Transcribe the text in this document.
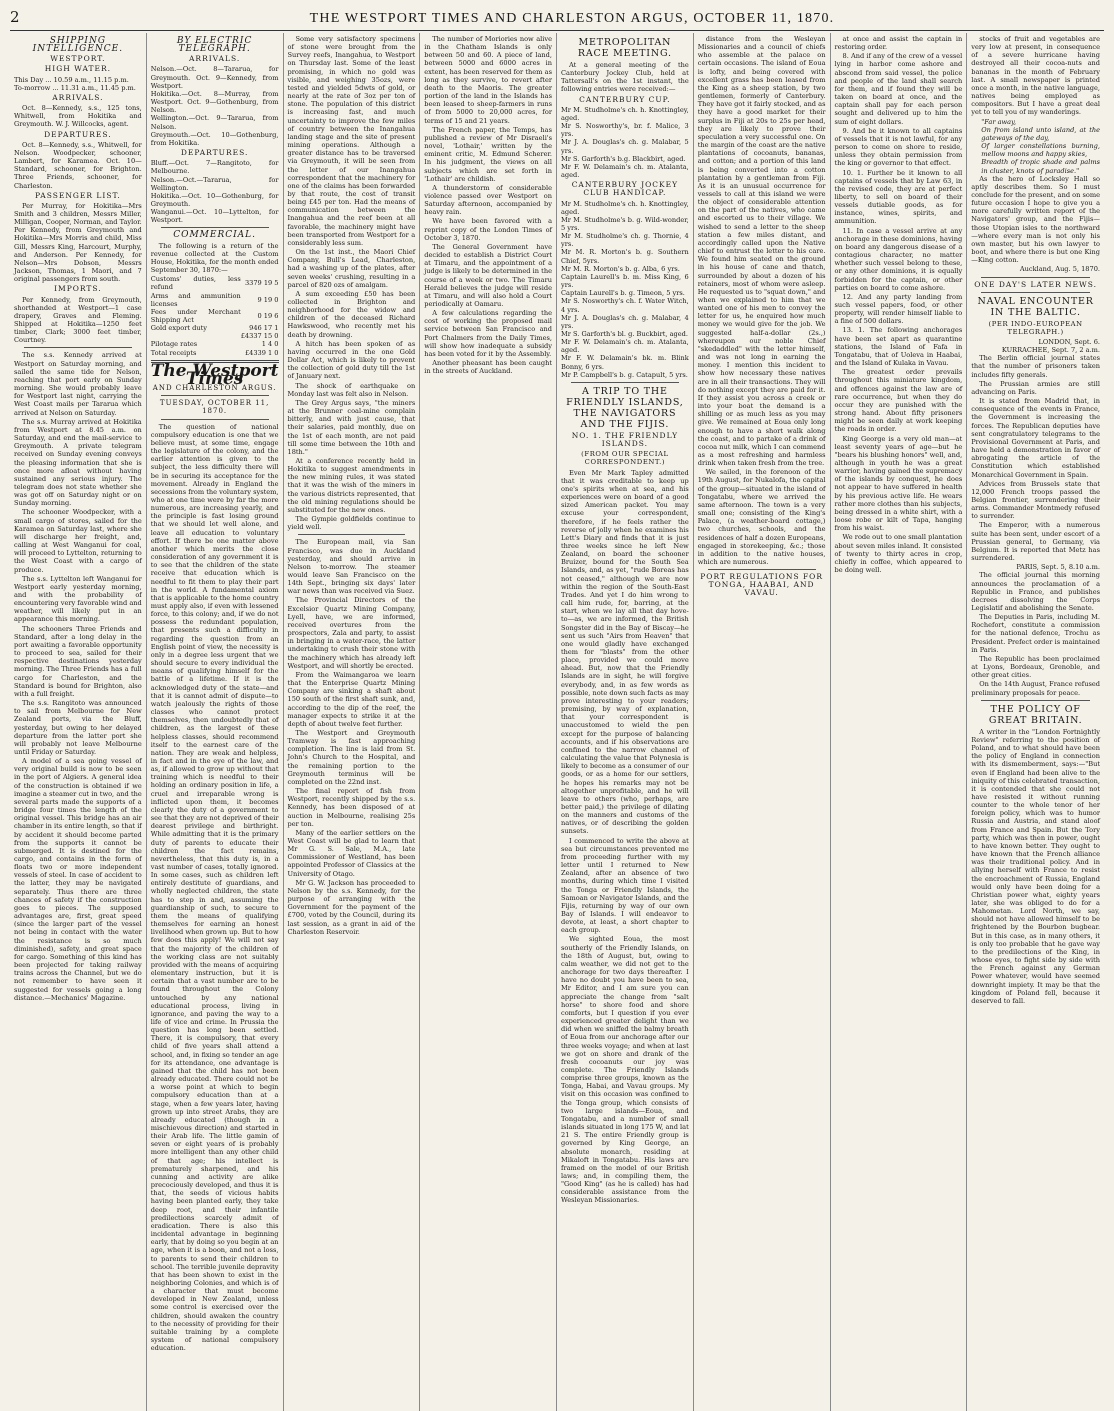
2	THE WESTPORT TIMES AND CHARLESTON ARGUS, OCTOBER 11, 1870.
SHIPPING INTELLIGENCE.
WESTPORT.
HIGH WATER.
This Day ... 10.59 a.m., 11.15 p.m.
To-morrow ... 11.31 a.m., 11.45 p.m.
ARRIVALS.

Oct. 8—Kennedy, s.s., 125 tons, Whitwell, from Hokitika and Greymouth. W. J. Willcocks, agent.

DEPARTURES.

Oct. 8—Kennedy, s.s., Whitwell, for Nelson. Woodpecker, schooner, Lambert, for Karamea. Oct. 10—Standard, schooner, for Brighton. Three Friends, schooner, for Charleston.

PASSENGER LIST.

Per Murray, for Hokitika—Mrs Smith and 3 children, Messrs Miller, Milligan, Cooper, Norman, and Taylor. Per Kennedy, from Greymouth and Hokitika—Mrs Morris and child, Miss Gill, Messrs King, Harcourt, Murphy, and Anderson. Per Kennedy, for Nelson—Mrs Dobson, Messrs Jackson, Thomas, 1 Maori, and 7 original passengers from south.

IMPORTS.

Per Kennedy, from Greymouth, shorthanded at Westport—1 case drapery, Graves and Fleming. Shipped at Hokitika—1250 feet timber, Clark; 3000 feet timber, Courtney.

The s.s. Kennedy arrived at Westport on Saturday morning, and sailed the same tide for Nelson, reaching that port early on Sunday morning. She would probably leave for Westport last night, carrying the West Coast mails per Tararua which arrived at Nelson on Saturday.

The s.s. Murray arrived at Hokitika from Westport at 8.45 a.m. on Saturday, and end the mail-service to Greymouth. A private telegram received on Sunday evening conveys the pleasing information that she is once more afloat without having sustained any serious injury. The telegram does not state whether she was got off on Saturday night or on Sunday morning.

The schooner Woodpecker, with a small cargo of stores, sailed for the Karamea on Saturday last, where she will discharge her freight, and, calling at West Wanganui for coal, will proceed to Lyttelton, returning to the West Coast with a cargo of produce.

The s.s. Lyttelton left Wanganui for Westport early yesterday morning, and with the probability of encountering very favorable wind and weather, will likely put in an appearance this morning.

The schooners Three Friends and Standard, after a long delay in the port awaiting a favorable opportunity to proceed to sea, sailed for their respective destinations yesterday morning. The Three Friends has a full cargo for Charleston, and the Standard is bound for Brighton, also with a full freight.

The s.s. Rangitoto was announced to sail from Melbourne for New Zealand ports, via the Bluff, yesterday, but owing to her delayed departure from the latter port she will probably not leave Melbourne until Friday or Saturday.

A model of a sea going vessel of very original build is now to be seen in the port of Algiers. A general idea of the construction is obtained if we imagine a steamer cut in two, and the several parts made the supports of a bridge four times the length of the original vessel. This bridge has an air chamber in its entire length, so that if by accident it should become parted from the supports it cannot be submerged. It is destined for the cargo, and contains in the form of floats two or more independent vessels of steel. In case of accident to the latter, they may be navigated separately. Thus there are three chances of safety if the construction goes to pieces. The supposed advantages are, first, great speed (since the larger part of the vessel not being in contact with the water the resistance is so much diminished), safety, and great space for cargo. Something of this kind has been projected for taking railway trains across the Channel, but we do not remember to have seen it suggested for vessels going a long distance.—Mechanics' Magazine.

BY ELECTRIC TELEGRAPH.
ARRIVALS.
Nelson.—Oct. 8—Tararua, for Greymouth. Oct. 9—Kennedy, from Westport.
Hokitika.—Oct. 8—Murray, from Westport. Oct. 9—Gothenburg, from Nelson.
Wellington.—Oct. 9—Tararua, from Nelson.
Greymouth.—Oct. 10—Gothenburg, from Hokitika.
DEPARTURES.
Bluff.—Oct. 7—Rangitoto, for Melbourne.
Nelson.—Oct.—Tararua, for Wellington.
Hokitika.—Oct. 10—Gothenburg, for Greymouth.
Wanganui.—Oct. 10—Lyttelton, for Westport.
COMMERCIAL.

The following is a return of the revenue collected at the Custom House, Hokitika, for the month ended September 30, 1870:—

Customs' duties, less refund	3379 19 5
Arms and ammunition licenses	9 19 0
Fees under Merchant Shipping Act	0 19 6
Gold export duty	946 17 1
	£4337 15 0
Pilotage rates	1 4 0
Total receipts	£4339 1 0
The Westport Times
AND CHARLESTON ARGUS.
TUESDAY, OCTOBER 11, 1870.

The question of national compulsory education is one that we believe must, at some time, engage the legislature of the colony, and the earlier attention is given to the subject, the less difficulty there will be in securing its acceptance for the movement. Already in England the secessions from the voluntary system, who at one time were by far the more numerous, are increasing yearly, and the principle is fast losing ground that we should let well alone, and leave all education to voluntary effort. If there be one matter above another which merits the close consideration of any government it is to see that the children of the state receive that education which is needful to fit them to play their part in the world. A fundamental axiom that is applicable to the home country must apply also, if even with lessened force, to this colony; and, if we do not possess the redundant population, that presents such a difficulty in regarding the question from an English point of view, the necessity is only in a degree less urgent that we should secure to every individual the means of qualifying himself for the battle of a lifetime. If it is the acknowledged duty of the state—and that it is cannot admit of dispute—to watch jealously the rights of those classes who cannot protect themselves, then undoubtedly that of children, as the largest of these helpless classes, should recommend itself to the earnest care of the nation. They are weak and helpless, in fact and in the eye of the law, and as, if allowed to grow up without that training which is needful to their holding an ordinary position in life, a cruel and irreparable wrong is inflicted upon them, it becomes clearly the duty of a government to see that they are not deprived of their dearest privilege and birthright. While admitting that it is the primary duty of parents to educate their children the fact remains, nevertheless, that this duty is, in a vast number of cases, totally ignored. In some cases, such as children left entirely destitute of guardians, and wholly neglected children, the state has to step in and, assuming the guardianship of such, to secure to them the means of qualifying themselves for earning an honest livelihood when grown up. But to how few does this apply! We will not say that the majority of the children of the working class are not suitably provided with the means of acquiring elementary instruction, but it is certain that a vast number are to be found throughout the Colony untouched by any national educational process, living in ignorance, and paving the way to a life of vice and crime. In Prussia the question has long been settled. There, it is compulsory, that every child of five years shall attend a school, and, in fixing so tender an age for its attendance, one advantage is gained that the child has not been already educated. There could not be a worse point at which to begin compulsory education than at a stage, when a few years later, having grown up into street Arabs, they are already educated (though in a mischievous direction) and started in their Arab life. The little gamin of seven or eight years of is probably more intelligent than any other child of that age; his intellect is prematurely sharpened, and his cunning and activity are alike precociously developed, and thus it is that, the seeds of vicious habits having been planted early, they take deep root, and their infantile predilections scarcely admit of eradication. There is also this incidental advantage in beginning early, that by doing so you begin at an age, when it is a boon, and not a loss, to parents to send their children to school. The terrible juvenile depravity that has been shown to exist in the neighboring Colonies, and which is of a character that must become developed in New Zealand, unless some control is exercised over the children, should awaken the country to the necessity of providing for their suitable training by a complete system of national compulsory education.

Some very satisfactory specimens of stone were brought from the Survey reefs, Inangahua, to Westport on Thursday last. Some of the least promising, in which no gold was visible, and weighing 35ozs, were tested and yielded 5dwts of gold, or nearly at the rate of 3oz per ton of stone. The population of this district is increasing fast, and much uncertainty to improve the few miles of country between the Inangahua landing stage and the site of present mining operations. Although a greater distance has to be traversed via Greymouth, it will be seen from the letter of our Inangahua correspondent that the machinery for one of the claims has been forwarded by that route, the cost of transit being £45 per ton. Had the means of communication between the Inangahua and the reef been at all favorable, the machinery might have been transported from Westport for a considerably less sum.

On the 1st inst., the Maori Chief Company, Bull's Lead, Charleston, had a washing up of the plates, after seven weeks' crushing, resulting in a parcel of 820 ozs of amalgam.

A sum exceeding £50 has been collected in Brighton and neighborhood for the widow and children of the deceased Richard Hawkswood, who recently met his death by drowning.

A hitch has been spoken of as having occurred in the one Gold Dollar Act, which is likely to prevent the collection of gold duty till the 1st of January next.

The shock of earthquake on Monday last was felt also in Nelson.

The Grey Argus says, "the miners at the Brunner coal-mine complain bitterly, and with just cause, that their salaries, paid monthly, due on the 1st of each month, are not paid till some time between the 10th and 18th."

At a conference recently held in Hokitika to suggest amendments in the new mining rules, it was stated that it was the wish of the miners in the various districts represented, that the old mining regulations should be substituted for the new ones.

The Gympie goldfields continue to yield well.

The European mail, via San Francisco, was due in Auckland yesterday, and should arrive in Nelson to-morrow. The steamer would leave San Francisco on the 14th Sept., bringing six days' later war news than was received via Suez.

The Provincial Directors of the Excelsior Quartz Mining Company, Lyell, have, we are informed, received overtures from the prospectors, Zala and party, to assist in bringing in a water-race, the latter undertaking to crush their stone with the machinery which has already left Westport, and will shortly be erected.

From the Waimangaroa we learn that the Enterprise Quartz Mining Company are sinking a shaft about 150 south of the first shaft sunk, and, according to the dip of the reef, the manager expects to strike it at the depth of about twelve feet further.

The Westport and Greymouth Tramway is fast approaching completion. The line is laid from St. John's Church to the Hospital, and the remaining portion to the Greymouth terminus will be completed on the 22nd inst.

The final report of fish from Westport, recently shipped by the s.s. Kennedy, has been disposed of at auction in Melbourne, realising 25s per ton.

Many of the earlier settlers on the West Coast will be glad to learn that Mr G. S. Sale, M.A., late Commissioner of Westland, has been appointed Professor of Classics at the University of Otago.

Mr G. W. Jackson has proceeded to Nelson by the s.s. Kennedy, for the purpose of arranging with the Government for the payment of the £700, voted by the Council, during its last session, as a grant in aid of the Charleston Reservoir.

The number of Moriories now alive in the Chatham Islands is only between 50 and 60. A piece of land, between 5000 and 6000 acres in extent, has been reserved for them as long as they survive, to revert after death to the Maoris. The greater portion of the land in the Islands has been leased to sheep-farmers in runs of from 5000 to 20,000 acres, for terms of 15 and 21 years.

The French paper, the Temps, has published a review of Mr Disraeli's novel, 'Lothair,' written by the eminent critic, M. Edmund Scherer. In his judgment, the views on all subjects which are set forth in 'Lothair' are childish.

A thunderstorm of considerable violence passed over Westport on Saturday afternoon, accompanied by heavy rain.

We have been favored with a reprint copy of the London Times of October 3, 1870.

The General Government have decided to establish a District Court at Timaru, and the appointment of a judge is likely to be determined in the course of a week or two. The Timaru Herald believes the judge will reside at Timaru, and will also hold a Court periodically at Oamaru.

A few calculations regarding the cost of working the proposed mail service between San Francisco and Port Chalmers from the Daily Times, will show how inadequate a subsidy has been voted for it by the Assembly.

Another pheasant has been caught in the streets of Auckland.

METROPOLITAN RACE MEETING.

At a general meeting of the Canterbury Jockey Club, held at Tattersall's on the 1st instant, the following entries were received:—

CANTERBURY CUP.
Mr M. Studholme's ch. h. Knottingley, aged.
Mr S. Nosworthy's, br. f. Malice, 3 yrs.
Mr J. A. Douglas's ch. g. Malabar, 5 yrs.
Mr S. Garforth's b.g. Blackbirt, aged.
Mr F. W. Delamain's ch. m. Atalanta, aged.
CANTERBURY JOCKEY CLUB HANDICAP.
Mr M. Studholme's ch. h. Knottingley, aged.
Mr M. Studholme's b. g. Wild-wonder, 5 yrs.
Mr M. Studholme's ch. g. Thornie, 4 yrs.
Mr M. R. Morton's b. g. Southern Chief, 5yrs.
Mr M. R. Morton's b. g. Alba, 6 yrs.
Captain Laurell's b. m. Miss King, 6 yrs.
Captain Laurell's b. g. Timeon, 5 yrs.
Mr S. Nosworthy's ch. f. Water Witch, 4 yrs.
Mr J. A. Douglas's ch. g. Malabar, 4 yrs.
Mr S. Garforth's bl. g. Buckbirt, aged.
Mr F. W. Delamain's ch. m. Atalanta, aged.
Mr F. W. Delamain's bk. m. Blink Bonny, 6 yrs.
Mr P. Campbell's b. g. Catapult, 5 yrs.
A TRIP TO THE FRIENDLY ISLANDS, THE NAVIGATORS AND THE FIJIS.
NO. 1. THE FRIENDLY ISLANDS.
(FROM OUR SPECIAL CORRESPONDENT.)

Even Mr Mark Tapley admitted that it was creditable to keep up one's spirits when at sea, and his experiences were on board of a good sized American packet. You may excuse your correspondent, therefore, if he feels rather the reverse of jolly when he examines his Lett's Diary and finds that it is just three weeks since he left New Zealand, on board the schooner Bruizer, bound for the South Sea Islands, and, as yet, "rude Boreas has not ceased," although we are now within the region of the South-East Trades. And yet I do him wrong to call him rude, for, barring, at the start, when we lay all that day hove-to—as, we are informed, the British Songster did in the Bay of Biscay—he sent us such "Airs from Heaven" that one would gladly have exchanged them for "blasts" from the other place, provided we could move ahead. But, now that the Friendly Islands are in sight, he will forgive everybody, and, in as few words as possible, note down such facts as may prove interesting to your readers; premising, by way of explanation, that your correspondent is unaccustomed to wield the pen except for the purpose of balancing accounts, and if his observations are confined to the narrow channel of calculating the value that Polynesia is likely to become as a consumer of our goods, or as a home for our settlers, he hopes his remarks may not be altogether unprofitable, and he will leave to others (who, perhaps, are better paid,) the privilege of dilating on the manners and customs of the natives, or of describing the golden sunsets.

I commenced to write the above at sea but circumstances prevented me from proceeding further with my letter until I returned to New Zealand, after an absence of two months, during which time I visited the Tonga or Friendly Islands, the Samoan or Navigator Islands, and the Fijis, returning by way of our own Bay of Islands. I will endeavor to devote, at least, a short chapter to each group.

We sighted Eoua, the most southerly of the Friendly Islands, on the 18th of August, but, owing to calm weather, we did not get to the anchorage for two days thereafter. I have no doubt you have been to sea, Mr Editor, and I am sure you can appreciate the change from "salt horse" to shore food and shore comforts, but I question if you ever experienced greater delight than we did when we sniffed the balmy breath of Eoua from our anchorage after our three weeks voyage; and when at last we got on shore and drank of the fresh cocoanuts our joy was complete. The Friendly Islands comprise three groups, known as the Tonga, Habai, and Vavau groups. My visit on this occasion was confined to the Tonga group, which consists of two large islands—Eoua, and Tongatabu, and a number of small islands situated in long 175 W, and lat 21 S. The entire Friendly group is governed by King George, an absolute monarch, residing at Mikaloft in Tongatabu. His laws are framed on the model of our British laws; and, in compiling them, the "Good King" (as he is called) has had considerable assistance from the Wesleyan Missionaries.

distance from the Wesleyan Missionaries and a council of chiefs who assemble at the palace on certain occasions. The island of Eoua is lofty, and being covered with excellent grass has been leased from the King as a sheep station, by two gentlemen, formerly of Canterbury. They have got it fairly stocked, and as they have a good market for their surplus in Fiji at 20s to 25s per head, they are likely to prove their speculation a very successful one. On the margin of the coast are the native plantations of cocoanuts, bananas, and cotton; and a portion of this land is being converted into a cotton plantation by a gentleman from Fiji. As it is an unusual occurrence for vessels to call at this island we were the object of considerable attention on the part of the natives, who came and escorted us to their village. We wished to send a letter to the sheep station a few miles distant, and accordingly called upon the Native chief to entrust the letter to his care. We found him seated on the ground in his house of cane and thatch, surrounded by about a dozen of his retainers, most of whom were asleep. He requested us to "squat down," and when we explained to him that we wanted one of his men to convey the letter for us, he enquired how much money we would give for the job. We suggested half-a-dollar (2s.,) whereupon our noble Chief "skedaddled" with the letter himself, and was not long in earning the money. I mention this incident to show how necessary these natives are in all their transactions. They will do nothing except they are paid for it. If they assist you across a creek or into your boat the demand is a shilling or as much less as you may give. We remained at Eoua only long enough to have a short walk along the coast, and to partake of a drink of cocoa nut milk, which I can commend as a most refreshing and harmless drink when taken fresh from the tree.

We sailed, in the forenoon of the 19th August, for Nukalofa, the capital of the group—situated in the island of Tongatabu, where we arrived the same afternoon. The town is a very small one; consisting of the King's Palace, (a weather-board cottage,) two churches, schools, and the residences of half a dozen Europeans, engaged in storekeeping, &c.; those in addition to the native houses, which are numerous.

PORT REGULATIONS FOR TONGA, HAABAI, AND VAVAU.

at once and assist the captain in restoring order.

8. And if any of the crew of a vessel lying in harbor come ashore and abscond from said vessel, the police and people of the land shall search for them, and if found they will be taken on board at once, and the captain shall pay for each person sought and delivered up to him the sum of eight dollars.

9. And be it known to all captains of vessels that it is not lawful, for any person to come on shore to reside, unless they obtain permission from the king or governor to that effect.

10. 1. Further be it known to all captains of vessels that by Law 63, in the revised code, they are at perfect liberty, to sell on board of their vessels dutiable goods, as for instance, wines, spirits, and ammunition.

11. In case a vessel arrive at any anchorage in these dominions, having on board any dangerous disease of a contagious character, no matter whether such vessel belong to these, or any other dominions, it is equally forbidden for the captain, or other parties on board to come ashore.

12. And any party landing from such vessel papers, food, or other property, will render himself liable to a fine of 500 dollars.

13. 1. The following anchorages have been set apart as quarantine stations, the Island of Fafa in Tongatabu, that of Uoleva in Haabai, and the Island of Kulaka in Vavau.

The greatest order prevails throughout this miniature kingdom, and offences against the law are of rare occurrence, but when they do occur they are punished with the strong hand. About fifty prisoners might be seen daily at work keeping the roads in order.

King George is a very old man—at least seventy years of age—but he "bears his blushing honors" well, and, although in youth he was a great warrior, having gained the supremacy of the islands by conquest, he does not appear to have suffered in health by his previous active life. He wears rather more clothes than his subjects, being dressed in a white shirt, with a loose robe or kilt of Tapa, hanging from his waist.

We rode out to one small plantation about seven miles inland. It consisted of twenty to thirty acres in crop, chiefly in coffee, which appeared to be doing well.

stocks of fruit and vegetables are very low at present, in consequence of a severe hurricane having destroyed all their cocoa-nuts and bananas in the month of February last. A small newspaper is printed once a month, in the native language, natives being employed as compositors. But I have a great deal yet to tell you of my wanderings.

"Far away,
On from island unto island, at the gateways of the day,
Of larger constellations burning, mellow moons and happy skies,
Breadth of tropic shade and palms in cluster, knots of paradise."

As the hero of Locksley Hall so aptly describes them. So I must conclude for the present, and on some future occasion I hope to give you a more carefully written report of the Navigators' group, and the Fijis—those Utopian isles to the northward—where every man is not only his own master, but his own lawyer to boot, and where there is but one King—King cotton.

Auckland, Aug. 5, 1870.
ONE DAY'S LATER NEWS.
NAVAL ENCOUNTER IN THE BALTIC.
(PER INDO-EUROPEAN TELEGRAPH.)
LONDON, Sept. 6.
KURRACHEE, Sept. 7, 2 a.m.

The Berlin official journal states that the number of prisoners taken includes fifty generals.

The Prussian armies are still advancing on Paris.

It is stated from Madrid that, in consequence of the events in France, the Government is increasing the forces. The Republican deputies have sent congratulatory telegrams to the Provisional Government at Paris, and have held a demonstration in favor of abrogating the article of the Constitution which established Monarchical Government in Spain.

Advices from Brussels state that 12,000 French troops passed the Belgian frontier, surrendering their arms. Commander Montmedy refused to surrender.

The Emperor, with a numerous suite has been sent, under escort of a Prussian general, to Germany, via Belgium. It is reported that Metz has surrendered.

PARIS, Sept. 5, 8.10 a.m.

The official journal this morning announces the proclamation of a Republic in France, and publishes decrees dissolving the Corps Legislatif and abolishing the Senate.

The Deputies in Paris, including M. Rochefort, constitute a commission for the national defence, Trochu as President. Prefect order is maintained in Paris.

The Republic has been proclaimed at Lyons, Bordeaux, Grenoble, and other great cities.

On the 14th August, France refused preliminary proposals for peace.

THE POLICY OF GREAT BRITAIN.

A writer in the "London Fortnightly Review" referring to the position of Poland, and to what should have been the policy of England in connection with its dismemberment, says:—"But even if England had been alive to the iniquity of this celebrated transaction, it is contended that she could not have resisted it without running counter to the whole tenor of her foreign policy, which was to humor Russia and Austria, and stand aloof from France and Spain. But the Tory party, which was then in power, ought to have known better. They ought to have known that the French alliance was their traditional policy. And in allying herself with France to resist the encroachment of Russia, England would only have been doing for a Christian power what, eighty years later, she was obliged to do for a Mahometan. Lord North, we say, should not have allowed himself to be frightened by the Bourbon bugbear. But in this case, as in many others, it is only too probable that he gave way to the predilections of the King, in whose eyes, to fight side by side with the French against any German Power whatever, would have seemed downright impiety. It may be that the kingdom of Poland fell, because it deserved to fall.
